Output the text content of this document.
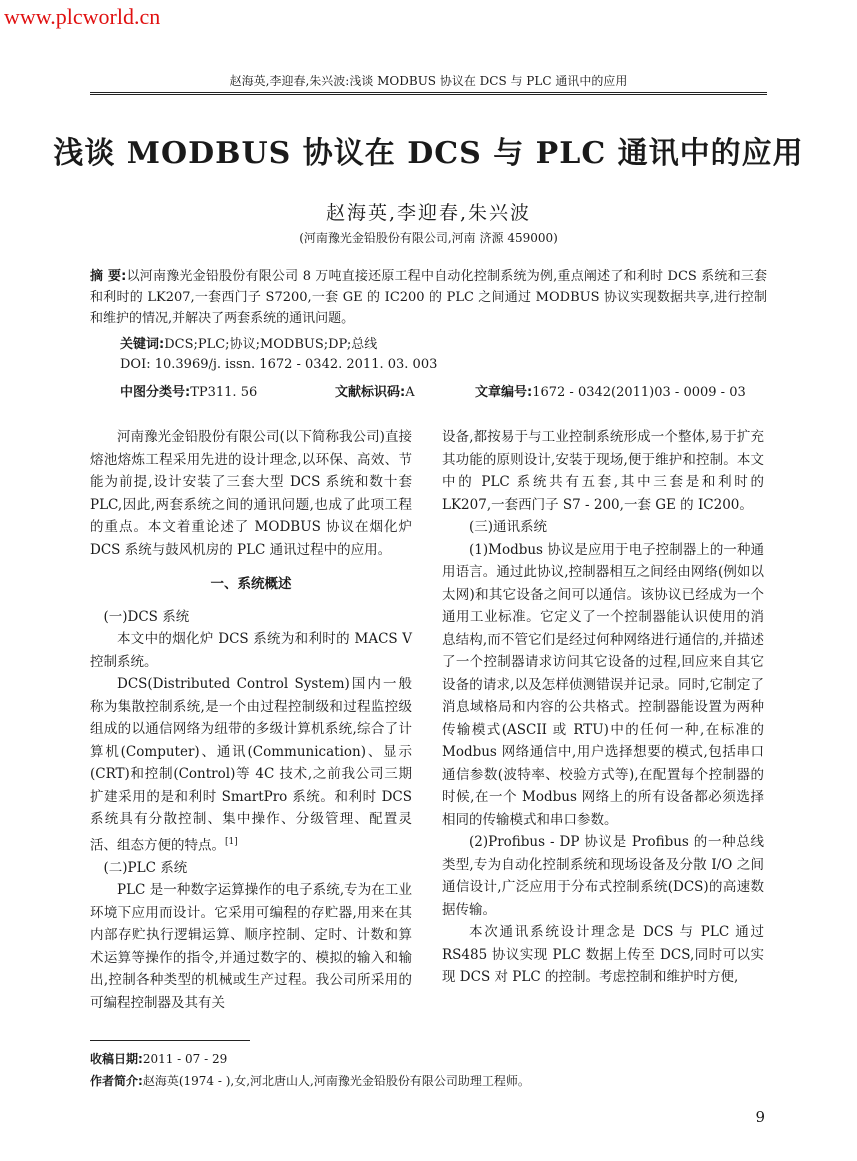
www.plcworld.cn
赵海英,李迎春,朱兴波:浅谈 MODBUS 协议在 DCS 与 PLC 通讯中的应用
浅谈 MODBUS 协议在 DCS 与 PLC 通讯中的应用
赵海英,李迎春,朱兴波
(河南豫光金铅股份有限公司,河南 济源 459000)
摘 要:以河南豫光金铅股份有限公司 8 万吨直接还原工程中自动化控制系统为例,重点阐述了和利时 DCS 系统和三套和利时的 LK207,一套西门子 S7200,一套 GE 的 IC200 的 PLC 之间通过 MODBUS 协议实现数据共享,进行控制和维护的情况,并解决了两套系统的通讯问题。
关键词:DCS;PLC;协议;MODBUS;DP;总线
DOI: 10.3969/j. issn. 1672 - 0342. 2011. 03. 003
中图分类号:TP311. 56	文献标识码:A	文章编号:1672 - 0342(2011)03 - 0009 - 03

河南豫光金铅股份有限公司(以下简称我公司)直接熔池熔炼工程采用先进的设计理念,以环保、高效、节能为前提,设计安装了三套大型 DCS 系统和数十套 PLC,因此,两套系统之间的通讯问题,也成了此项工程的重点。本文着重论述了 MODBUS 协议在烟化炉 DCS 系统与鼓风机房的 PLC 通讯过程中的应用。

一、系统概述
(一)DCS 系统

本文中的烟化炉 DCS 系统为和利时的 MACS V控制系统。

DCS(Distributed Control System)国内一般称为集散控制系统,是一个由过程控制级和过程监控级组成的以通信网络为纽带的多级计算机系统,综合了计算机(Computer)、通讯(Communication)、显示(CRT)和控制(Control)等 4C 技术,之前我公司三期扩建采用的是和利时 SmartPro 系统。和利时 DCS 系统具有分散控制、集中操作、分级管理、配置灵活、组态方便的特点。[1]

(二)PLC 系统

PLC 是一种数字运算操作的电子系统,专为在工业环境下应用而设计。它采用可编程的存贮器,用来在其内部存贮执行逻辑运算、顺序控制、定时、计数和算术运算等操作的指令,并通过数字的、模拟的输入和输出,控制各种类型的机械或生产过程。我公司所采用的可编程控制器及其有关

设备,都按易于与工业控制系统形成一个整体,易于扩充其功能的原则设计,安装于现场,便于维护和控制。本文中的 PLC 系统共有五套,其中三套是和利时的 LK207,一套西门子 S7 - 200,一套 GE 的 IC200。

(三)通讯系统

(1)Modbus 协议是应用于电子控制器上的一种通用语言。通过此协议,控制器相互之间经由网络(例如以太网)和其它设备之间可以通信。该协议已经成为一个通用工业标准。它定义了一个控制器能认识使用的消息结构,而不管它们是经过何种网络进行通信的,并描述了一个控制器请求访问其它设备的过程,回应来自其它设备的请求,以及怎样侦测错误并记录。同时,它制定了消息域格局和内容的公共格式。控制器能设置为两种传输模式(ASCII 或 RTU)中的任何一种,在标准的 Modbus 网络通信中,用户选择想要的模式,包括串口通信参数(波特率、校验方式等),在配置每个控制器的时候,在一个 Modbus 网络上的所有设备都必须选择相同的传输模式和串口参数。

(2)Profibus - DP 协议是 Profibus 的一种总线类型,专为自动化控制系统和现场设备及分散 I/O 之间通信设计,广泛应用于分布式控制系统(DCS)的高速数据传输。

本次通讯系统设计理念是 DCS 与 PLC 通过 RS485 协议实现 PLC 数据上传至 DCS,同时可以实现 DCS 对 PLC 的控制。考虑控制和维护时方便,

收稿日期:2011 - 07 - 29
作者简介:赵海英(1974 - ),女,河北唐山人,河南豫光金铅股份有限公司助理工程师。
9
